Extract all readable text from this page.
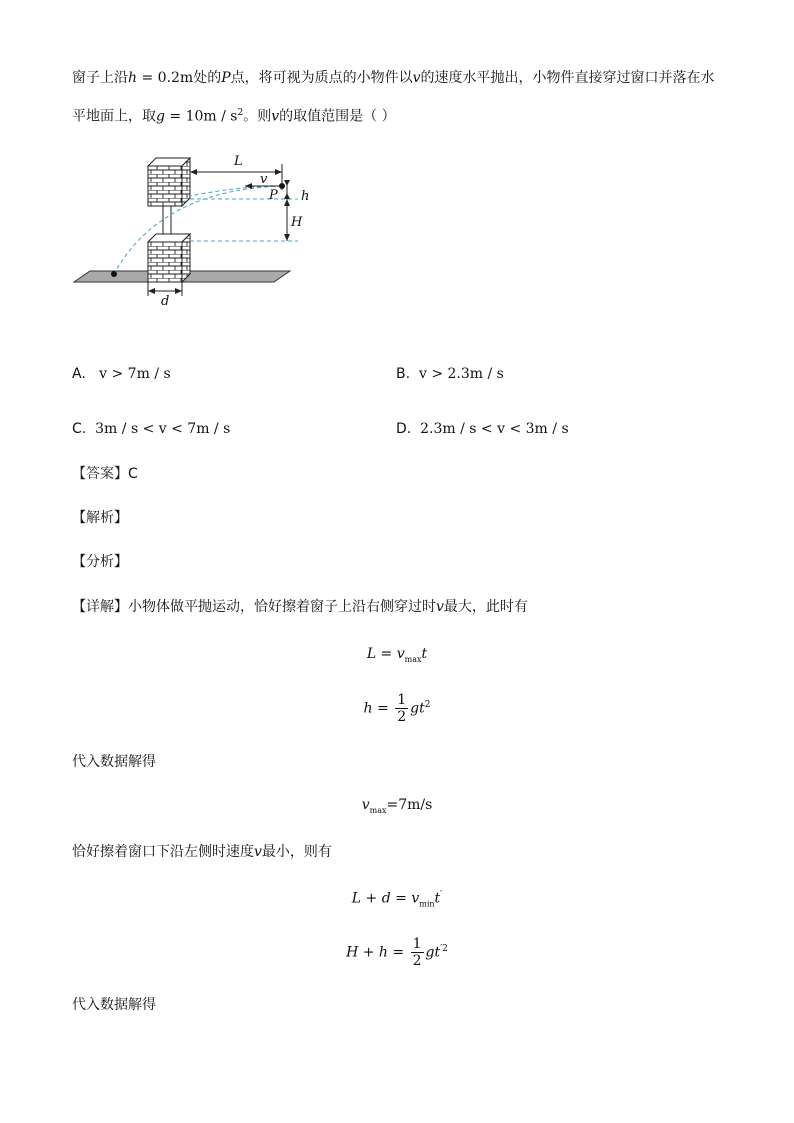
窗子上沿h = 0.2m处的P点，将可视为质点的小物件以v的速度水平抛出，小物件直接穿过窗口并落在水
平地面上，取$g = 10m / s^2$。则v的取值范围是（ ）
L
v
P h
H
d
A. v > 7m / s	B. v > 2.3m / s
C. 3m / s < v < 7m / s	D. 2.3m / s < v < 3m / s
【答案】C
【解析】
【分析】
【详解】小物体做平抛运动，恰好擦着窗子上沿右侧穿过时v最大，此时有
$L = v_{max}t$
$h = \frac{1}{2} gt^2$
代入数据解得
$v_{max}=7m/s$
恰好擦着窗口下沿左侧时速度v最小，则有
$L + d = v_{min}t'$
$H + h = \frac{1}{2} gt^{'2}$
代入数据解得
